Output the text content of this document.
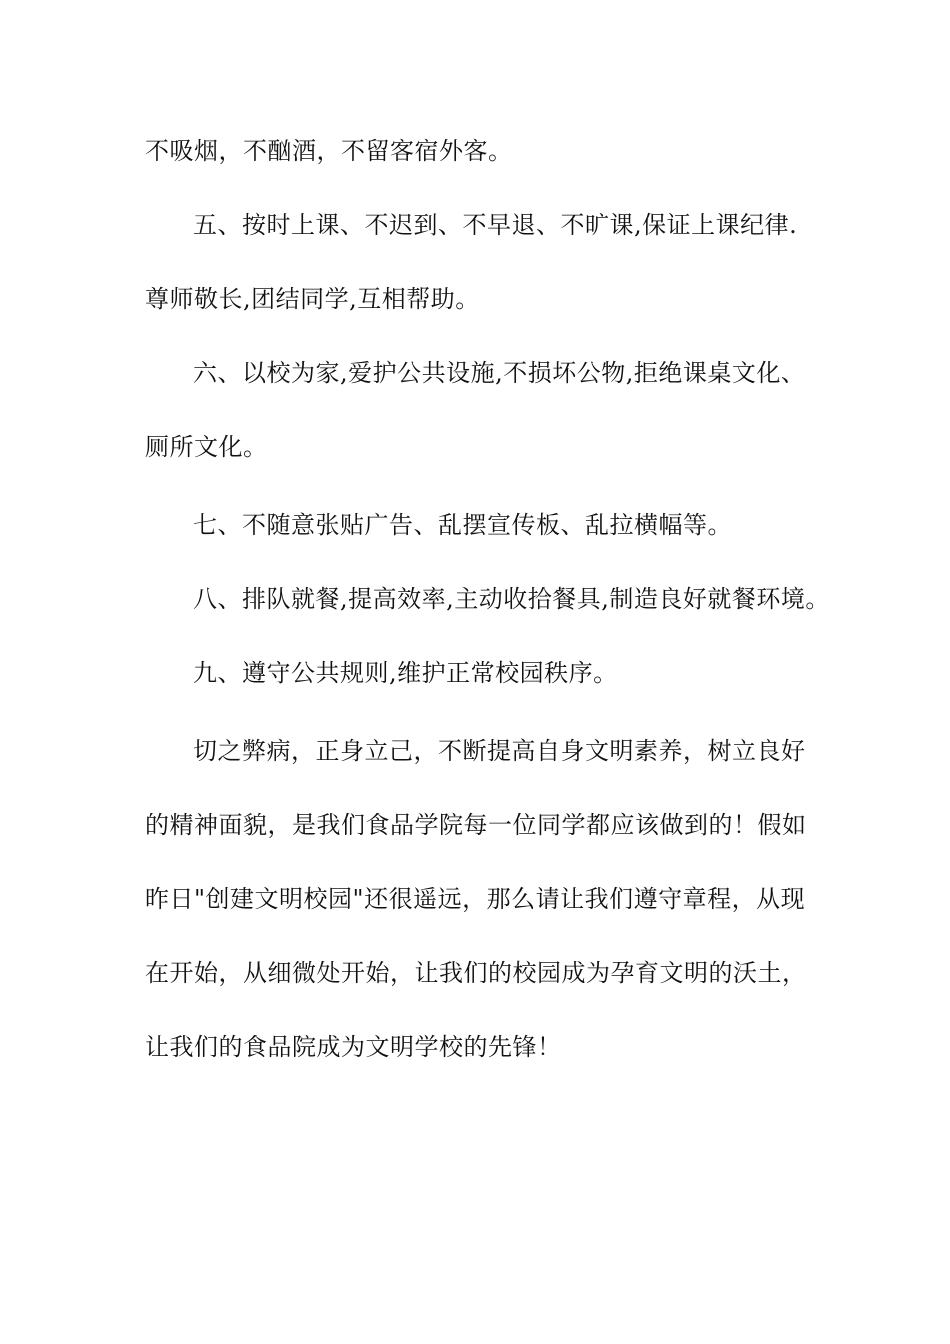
不吸烟，不酗酒，不留客宿外客。
五、按时上课、不迟到、不早退、不旷课,保证上课纪律.
尊师敬长,团结同学,互相帮助。
六、以校为家,爱护公共设施,不损坏公物,拒绝课桌文化、
厕所文化。
七、不随意张贴广告、乱摆宣传板、乱拉横幅等。
八、排队就餐,提高效率,主动收拾餐具,制造良好就餐环境。
九、遵守公共规则,维护正常校园秩序。
切之弊病，正身立己，不断提高自身文明素养，树立良好
的精神面貌，是我们食品学院每一位同学都应该做到的！假如
昨日"创建文明校园"还很遥远，那么请让我们遵守章程，从现
在开始，从细微处开始，让我们的校园成为孕育文明的沃土，
让我们的食品院成为文明学校的先锋！
